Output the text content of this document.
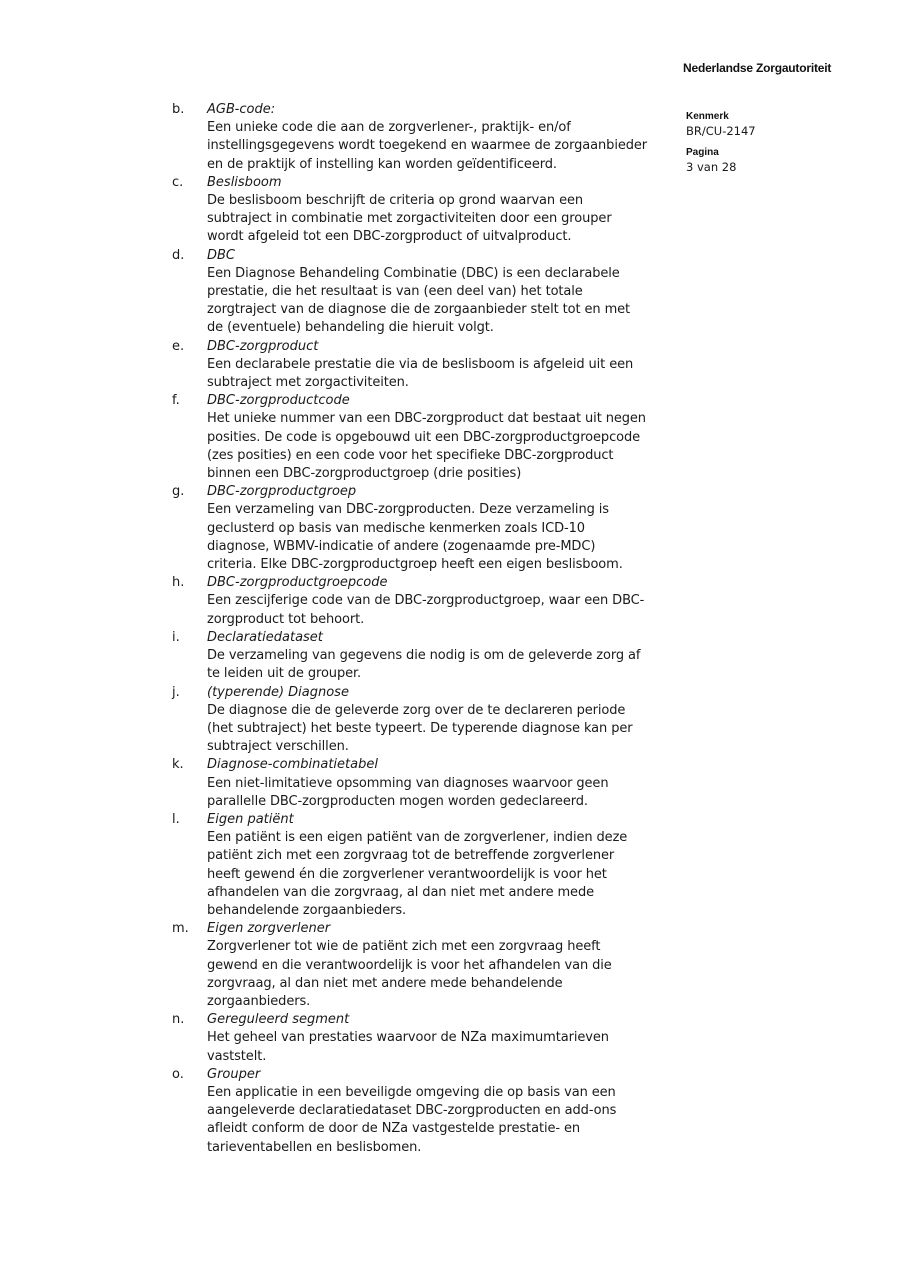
Nederlandse Zorgautoriteit
Kenmerk
BR/CU-2147
Pagina
3 van 28
b.	AGB-code:
Een unieke code die aan de zorgverlener-, praktijk- en/of
instellingsgegevens wordt toegekend en waarmee de zorgaanbieder
en de praktijk of instelling kan worden geïdentificeerd.
c.	Beslisboom
De beslisboom beschrijft de criteria op grond waarvan een
subtraject in combinatie met zorgactiviteiten door een grouper
wordt afgeleid tot een DBC-zorgproduct of uitvalproduct.
d.	DBC
Een Diagnose Behandeling Combinatie (DBC) is een declarabele
prestatie, die het resultaat is van (een deel van) het totale
zorgtraject van de diagnose die de zorgaanbieder stelt tot en met
de (eventuele) behandeling die hieruit volgt.
e.	DBC-zorgproduct
Een declarabele prestatie die via de beslisboom is afgeleid uit een
subtraject met zorgactiviteiten.
f.	DBC-zorgproductcode
Het unieke nummer van een DBC-zorgproduct dat bestaat uit negen
posities. De code is opgebouwd uit een DBC-zorgproductgroepcode
(zes posities) en een code voor het specifieke DBC-zorgproduct
binnen een DBC-zorgproductgroep (drie posities)
g.	DBC-zorgproductgroep
Een verzameling van DBC-zorgproducten. Deze verzameling is
geclusterd op basis van medische kenmerken zoals ICD-10
diagnose, WBMV-indicatie of andere (zogenaamde pre-MDC)
criteria. Elke DBC-zorgproductgroep heeft een eigen beslisboom.
h.	DBC-zorgproductgroepcode
Een zescijferige code van de DBC-zorgproductgroep, waar een DBC-
zorgproduct tot behoort.
i.	Declaratiedataset
De verzameling van gegevens die nodig is om de geleverde zorg af
te leiden uit de grouper.
j.	(typerende) Diagnose
De diagnose die de geleverde zorg over de te declareren periode
(het subtraject) het beste typeert. De typerende diagnose kan per
subtraject verschillen.
k.	Diagnose-combinatietabel
Een niet-limitatieve opsomming van diagnoses waarvoor geen
parallelle DBC-zorgproducten mogen worden gedeclareerd.
l.	Eigen patiënt
Een patiënt is een eigen patiënt van de zorgverlener, indien deze
patiënt zich met een zorgvraag tot de betreffende zorgverlener
heeft gewend én die zorgverlener verantwoordelijk is voor het
afhandelen van die zorgvraag, al dan niet met andere mede
behandelende zorgaanbieders.
m.	Eigen zorgverlener
Zorgverlener tot wie de patiënt zich met een zorgvraag heeft
gewend en die verantwoordelijk is voor het afhandelen van die
zorgvraag, al dan niet met andere mede behandelende
zorgaanbieders.
n.	Gereguleerd segment
Het geheel van prestaties waarvoor de NZa maximumtarieven
vaststelt.
o.	Grouper
Een applicatie in een beveiligde omgeving die op basis van een
aangeleverde declaratiedataset DBC-zorgproducten en add-ons
afleidt conform de door de NZa vastgestelde prestatie- en
tarieventabellen en beslisbomen.
